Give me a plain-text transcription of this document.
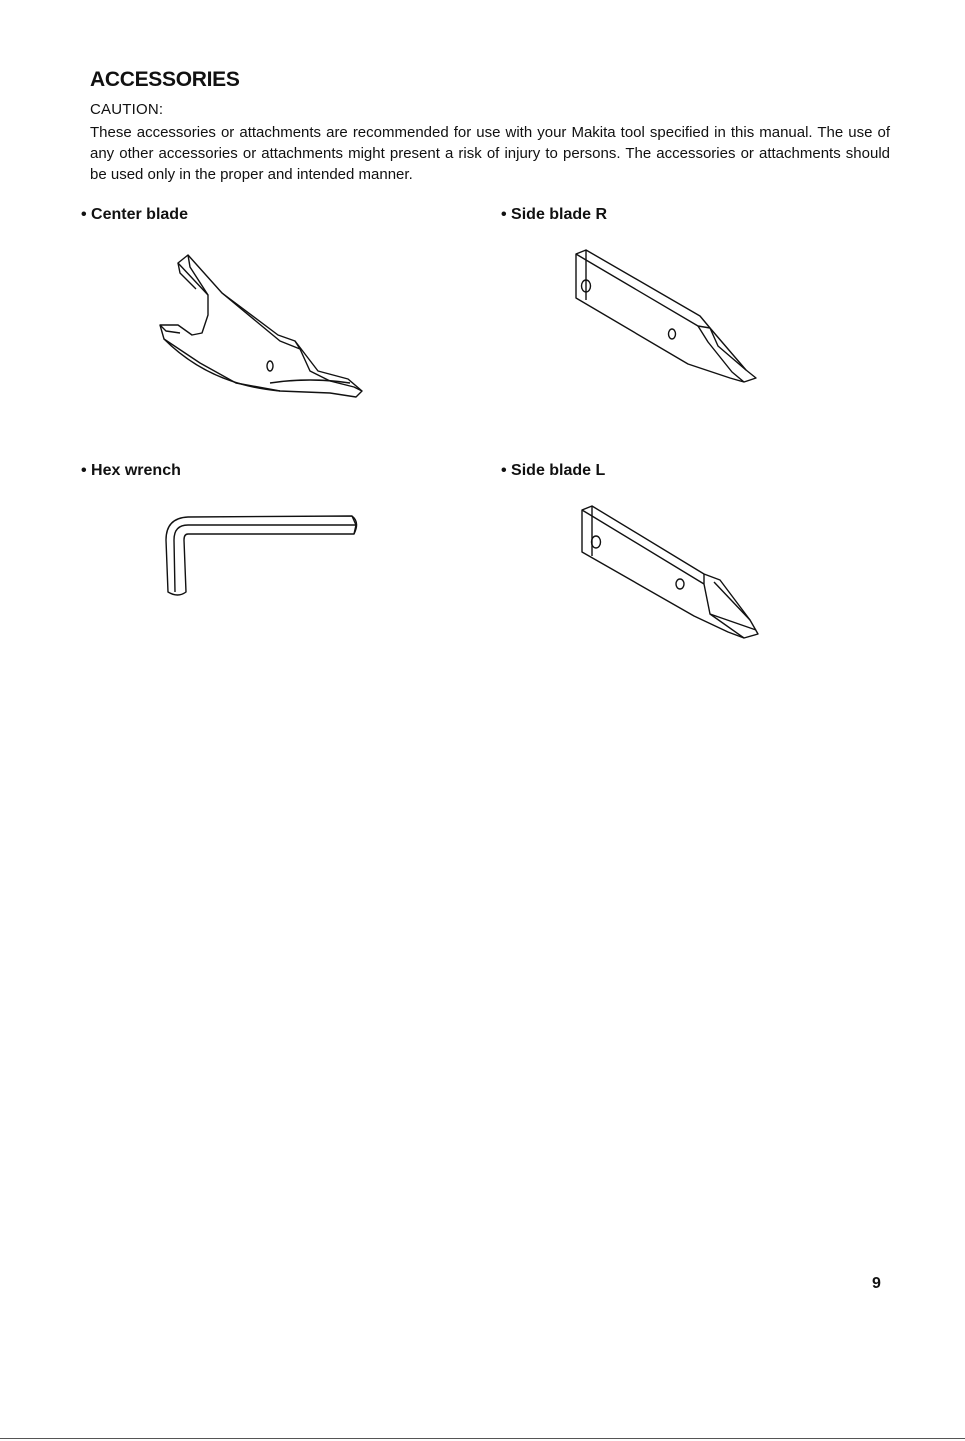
ACCESSORIES
CAUTION:

These accessories or attachments are recommended for use with your Makita tool specified in this manual. The use of any other accessories or attachments might present a risk of injury to persons. The accessories or attachments should be used only in the proper and intended manner.

• Center blade	• Side blade R
• Hex wrench	• Side blade L
9
